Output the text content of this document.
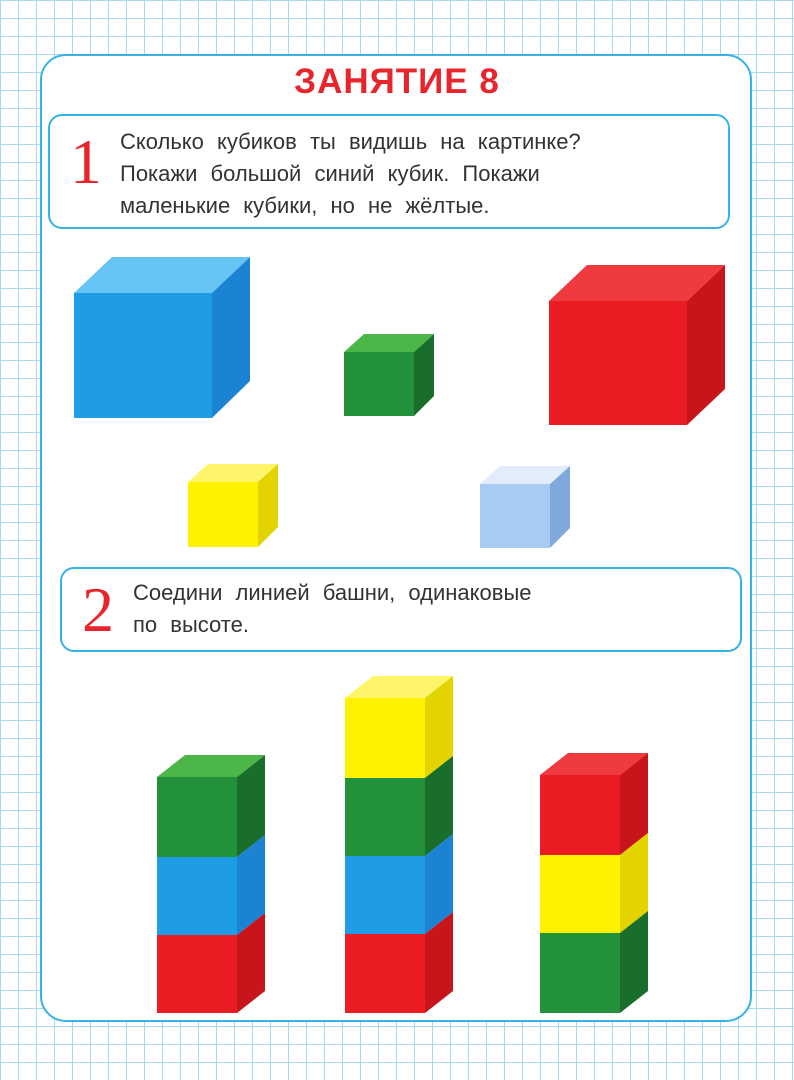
ЗАНЯТИЕ 8
1 Сколько кубиков ты видишь на картинке?
Покажи большой синий кубик. Покажи
маленькие кубики, но не жёлтые.
2 Соедини линией башни, одинаковые
по высоте.
